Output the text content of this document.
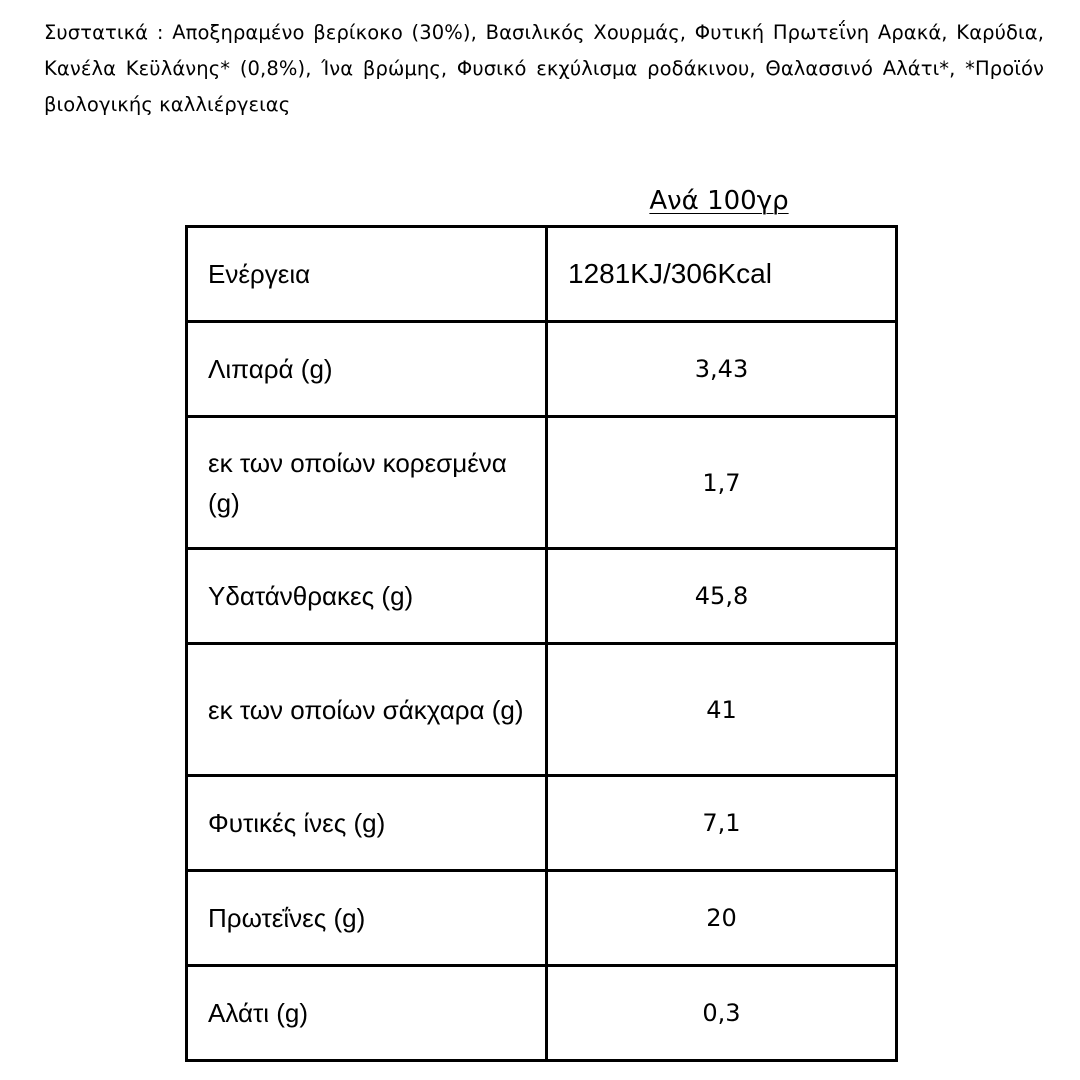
Συστατικά : Αποξηραμένο βερίκοκο (30%), Βασιλικός Χουρμάς, Φυτική Πρωτεΐνη Αρακά, Καρύδια, Κανέλα Κεϋλάνης* (0,8%), Ίνα βρώμης, Φυσικό εκχύλισμα ροδάκινου, Θαλασσινό Αλάτι*, *Προϊόν βιολογικής καλλιέργειας
Ανά 100γρ
Ενέργεια	1281KJ/306Kcal
Λιπαρά (g)	3,43
εκ των οποίων κορεσμένα (g)	1,7
Υδατάνθρακες (g)	45,8
εκ των οποίων σάκχαρα (g)	41
Φυτικές ίνες (g)	7,1
Πρωτεΐνες (g)	20
Αλάτι (g)	0,3
